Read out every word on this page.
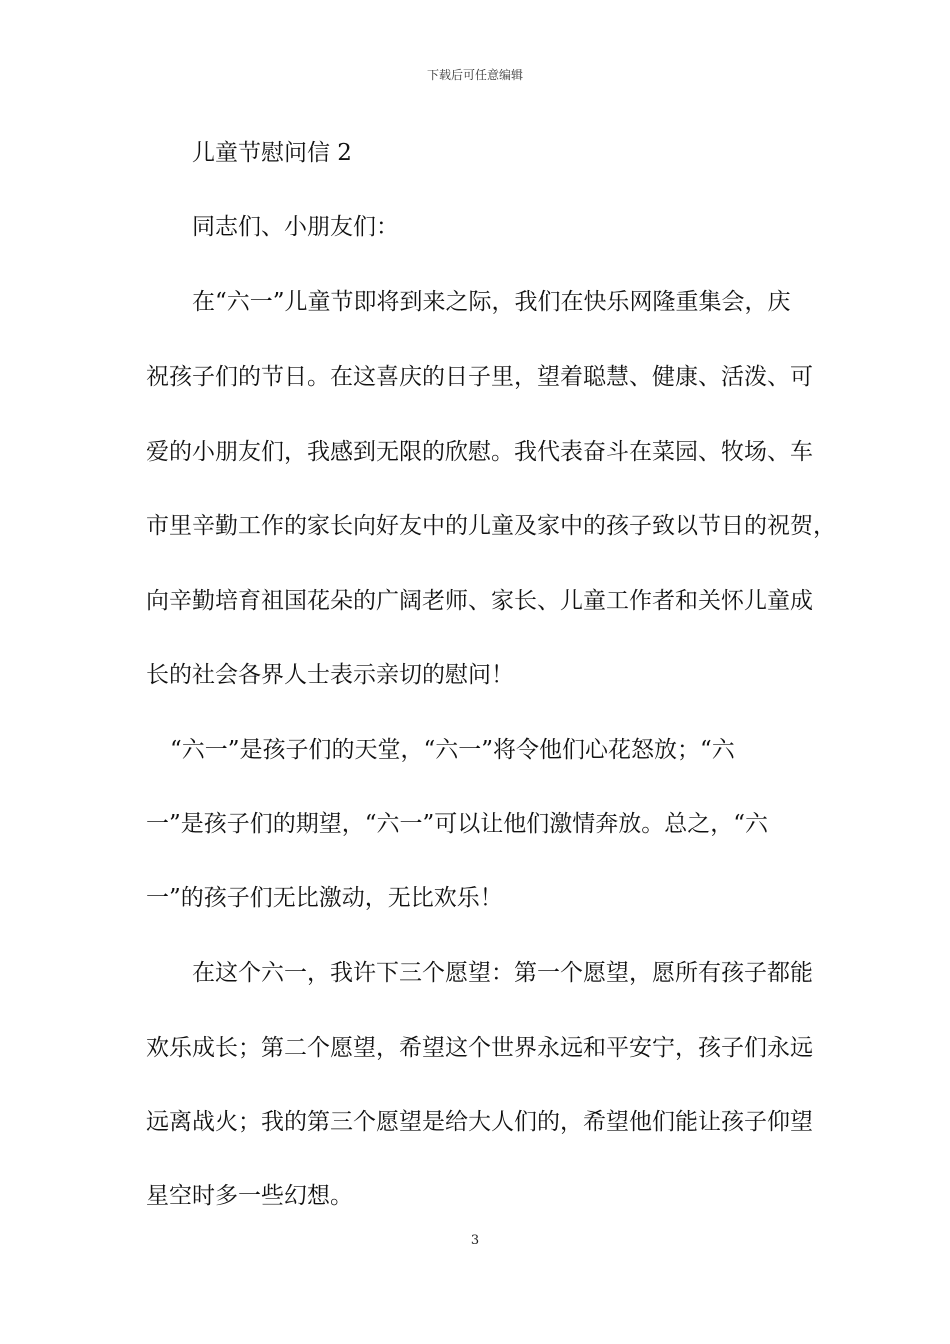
下载后可任意编辑
儿童节慰问信 2
同志们、小朋友们：
在“六一”儿童节即将到来之际，我们在快乐网隆重集会，庆
祝孩子们的节日。在这喜庆的日子里，望着聪慧、健康、活泼、可
爱的小朋友们，我感到无限的欣慰。我代表奋斗在菜园、牧场、车
市里辛勤工作的家长向好友中的儿童及家中的孩子致以节日的祝贺，
向辛勤培育祖国花朵的广阔老师、家长、儿童工作者和关怀儿童成
长的社会各界人士表示亲切的慰问！
“六一”是孩子们的天堂，“六一”将令他们心花怒放；“六
一”是孩子们的期望，“六一”可以让他们激情奔放。总之，“六
一”的孩子们无比激动，无比欢乐！
在这个六一，我许下三个愿望：第一个愿望，愿所有孩子都能
欢乐成长；第二个愿望，希望这个世界永远和平安宁，孩子们永远
远离战火；我的第三个愿望是给大人们的，希望他们能让孩子仰望
星空时多一些幻想。
3
